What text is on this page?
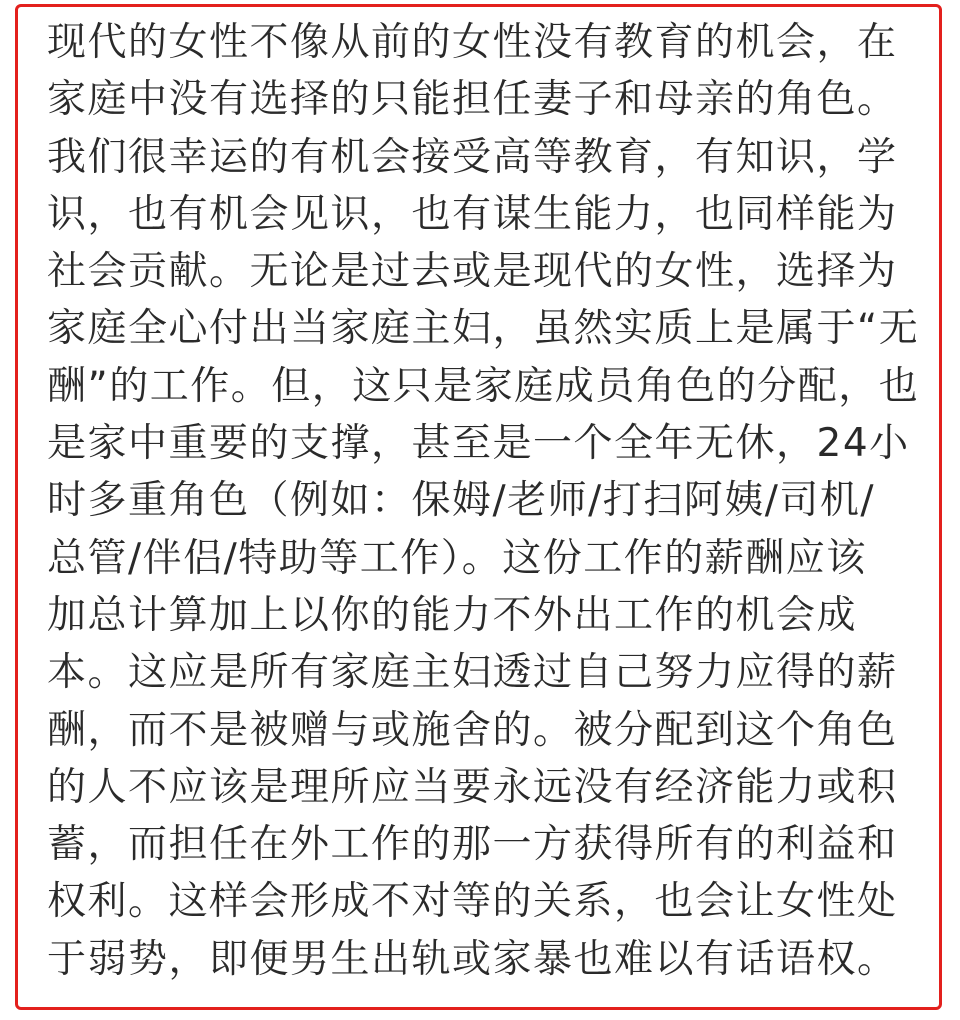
现代的女性不像从前的女性没有教育的机会，在
家庭中没有选择的只能担任妻子和母亲的角色。
我们很幸运的有机会接受高等教育，有知识，学
识，也有机会见识，也有谋生能力，也同样能为
社会贡献。无论是过去或是现代的女性，选择为
家庭全心付出当家庭主妇，虽然实质上是属于“无
酬”的工作。但，这只是家庭成员角色的分配，也
是家中重要的支撑，甚至是一个全年无休，24小
时多重角色（例如：保姆/老师/打扫阿姨/司机/
总管/伴侣/特助等工作）。这份工作的薪酬应该
加总计算加上以你的能力不外出工作的机会成
本。这应是所有家庭主妇透过自己努力应得的薪
酬，而不是被赠与或施舍的。被分配到这个角色
的人不应该是理所应当要永远没有经济能力或积
蓄，而担任在外工作的那一方获得所有的利益和
权利。这样会形成不对等的关系，也会让女性处
于弱势，即便男生出轨或家暴也难以有话语权。
